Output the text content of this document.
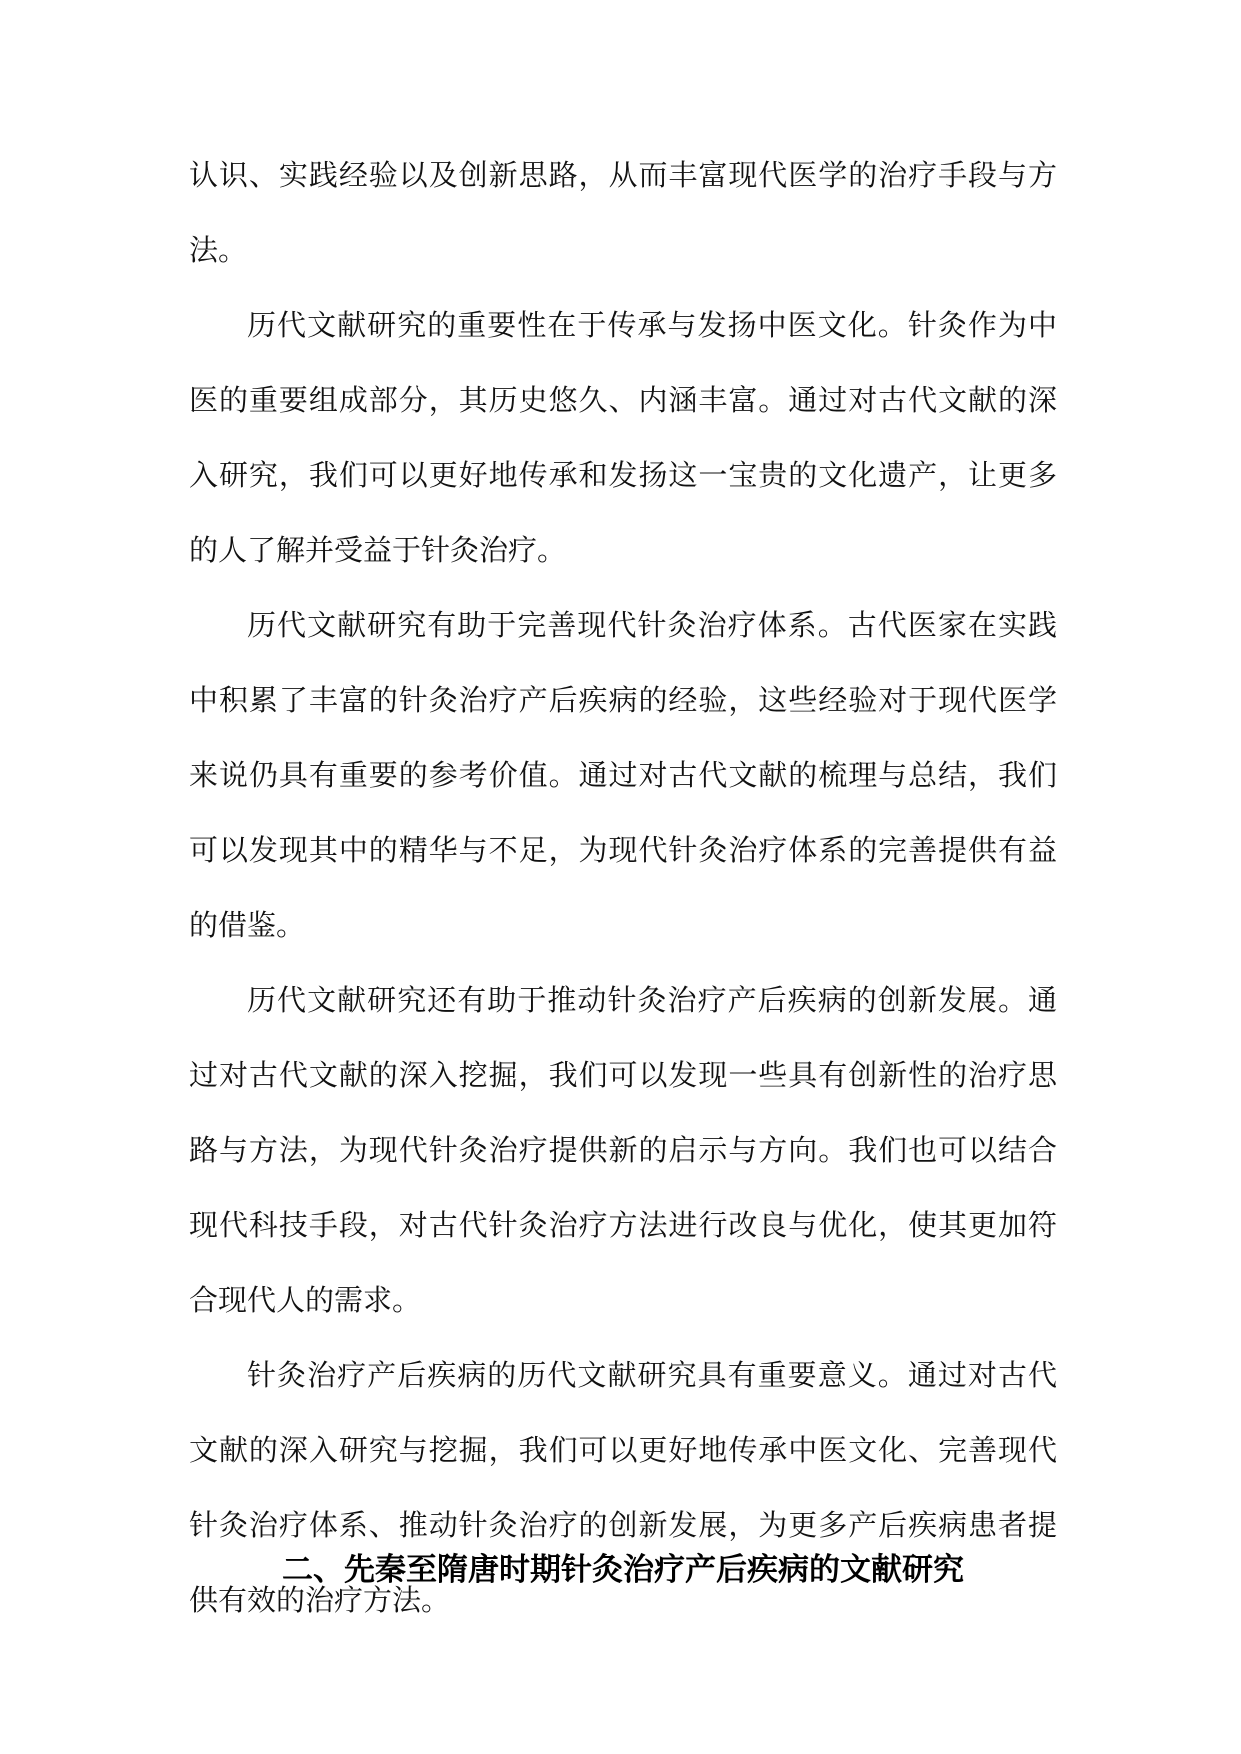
认识、实践经验以及创新思路，从而丰富现代医学的治疗手段与方法。

历代文献研究的重要性在于传承与发扬中医文化。针灸作为中医的重要组成部分，其历史悠久、内涵丰富。通过对古代文献的深入研究，我们可以更好地传承和发扬这一宝贵的文化遗产，让更多的人了解并受益于针灸治疗。

历代文献研究有助于完善现代针灸治疗体系。古代医家在实践中积累了丰富的针灸治疗产后疾病的经验，这些经验对于现代医学来说仍具有重要的参考价值。通过对古代文献的梳理与总结，我们可以发现其中的精华与不足，为现代针灸治疗体系的完善提供有益的借鉴。

历代文献研究还有助于推动针灸治疗产后疾病的创新发展。通过对古代文献的深入挖掘，我们可以发现一些具有创新性的治疗思路与方法，为现代针灸治疗提供新的启示与方向。我们也可以结合现代科技手段，对古代针灸治疗方法进行改良与优化，使其更加符合现代人的需求。

针灸治疗产后疾病的历代文献研究具有重要意义。通过对古代文献的深入研究与挖掘，我们可以更好地传承中医文化、完善现代针灸治疗体系、推动针灸治疗的创新发展，为更多产后疾病患者提供有效的治疗方法。

二、先秦至隋唐时期针灸治疗产后疾病的文献研究
